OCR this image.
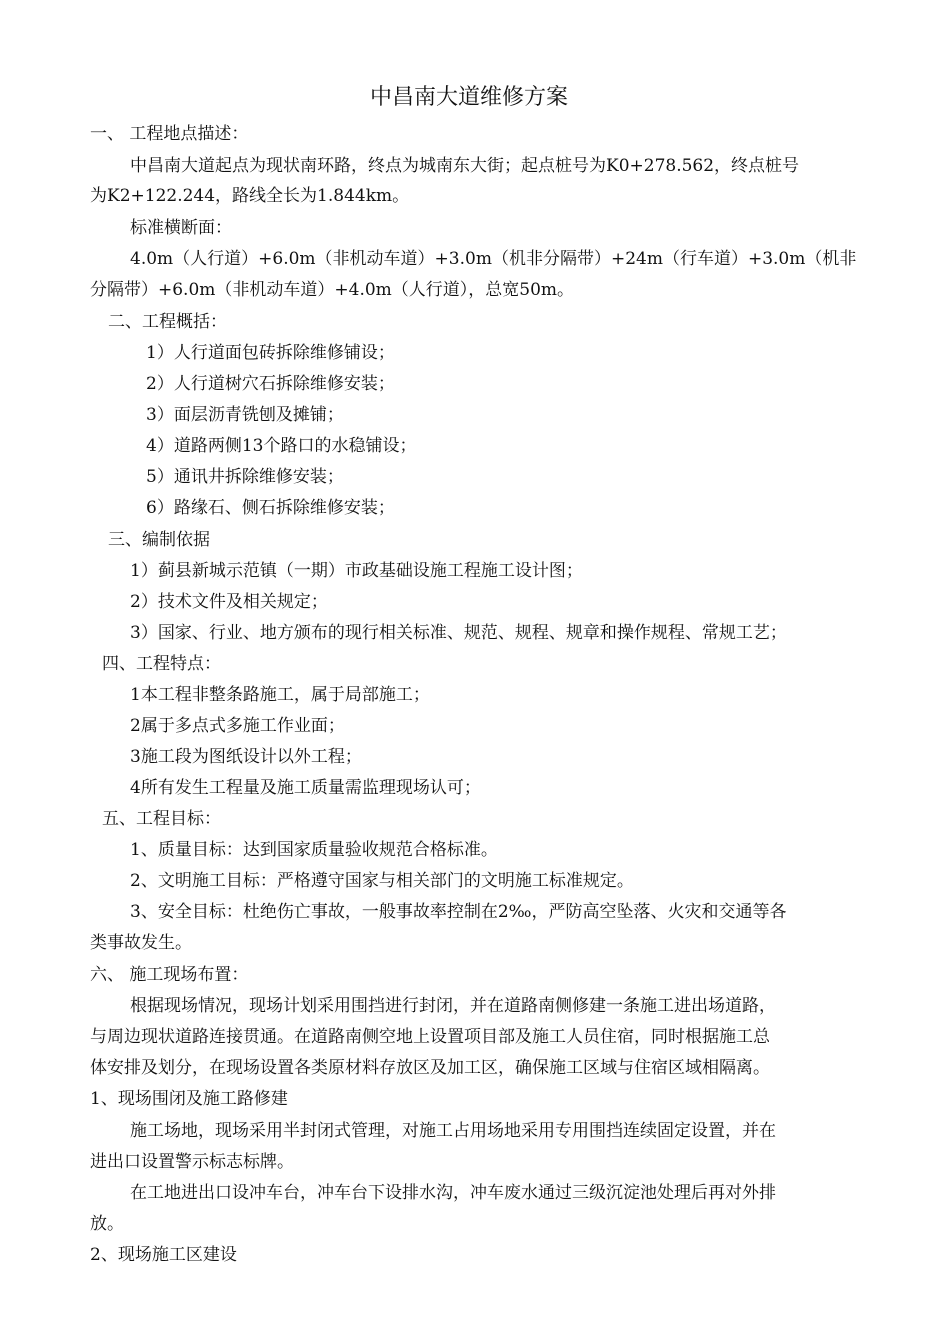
中昌南大道维修方案
一、 工程地点描述：
中昌南大道起点为现状南环路，终点为城南东大街；起点桩号为K0+278.562，终点桩号
为K2+122.244，路线全长为1.844km。
标准横断面：
4.0m（人行道）+6.0m（非机动车道）+3.0m（机非分隔带）+24m（行车道）+3.0m（机非
分隔带）+6.0m（非机动车道）+4.0m（人行道），总宽50m。
二、工程概括：
1）人行道面包砖拆除维修铺设；
2）人行道树穴石拆除维修安装；
3）面层沥青铣刨及摊铺；
4）道路两侧13个路口的水稳铺设；
5）通讯井拆除维修安装；
6）路缘石、侧石拆除维修安装；
三、编制依据
1）蓟县新城示范镇（一期）市政基础设施工程施工设计图；
2）技术文件及相关规定；
3）国家、行业、地方颁布的现行相关标准、规范、规程、规章和操作规程、常规工艺；
四、工程特点：
1本工程非整条路施工，属于局部施工；
2属于多点式多施工作业面；
3施工段为图纸设计以外工程；
4所有发生工程量及施工质量需监理现场认可；
五、工程目标：
1、质量目标：达到国家质量验收规范合格标准。
2、文明施工目标：严格遵守国家与相关部门的文明施工标准规定。
3、安全目标：杜绝伤亡事故，一般事故率控制在2‰，严防高空坠落、火灾和交通等各
类事故发生。
六、 施工现场布置：
根据现场情况，现场计划采用围挡进行封闭，并在道路南侧修建一条施工进出场道路，
与周边现状道路连接贯通。在道路南侧空地上设置项目部及施工人员住宿，同时根据施工总
体安排及划分，在现场设置各类原材料存放区及加工区，确保施工区域与住宿区域相隔离。
1、现场围闭及施工路修建
施工场地，现场采用半封闭式管理，对施工占用场地采用专用围挡连续固定设置，并在
进出口设置警示标志标牌。
在工地进出口设冲车台，冲车台下设排水沟，冲车废水通过三级沉淀池处理后再对外排
放。
2、现场施工区建设
